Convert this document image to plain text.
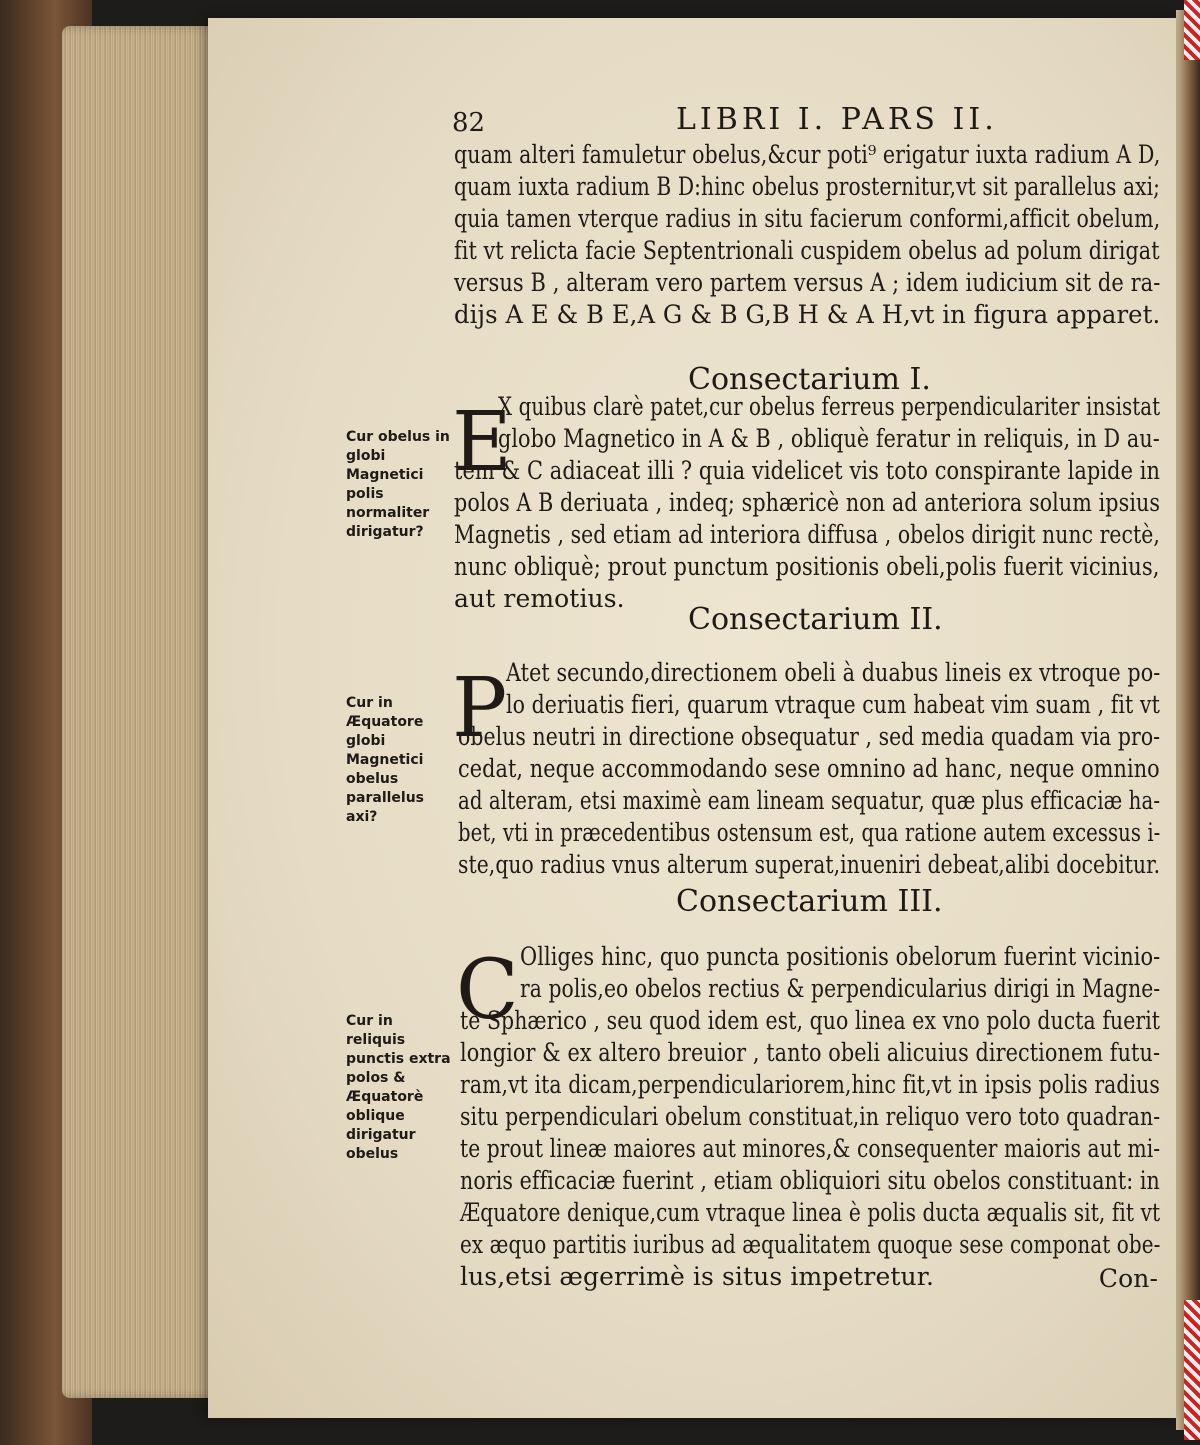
82	LIBRI I. PARS II.
quam alteri famuletur obelus,&cur poti⁹ erigatur iuxta radium A D,
quam iuxta radium B D:hinc obelus prosternitur,vt sit parallelus axi;
quia tamen vterque radius in situ facierum conformi,afficit obelum,
fit vt relicta facie Septentrionali cuspidem obelus ad polum dirigat
versus B , alteram vero partem versus A ; idem iudicium sit de ra-
dijs A E & B E,A G & B G,B H & A H,vt in figura apparet.
Consectarium I.
Cur obelus in globi Magnetici polis normaliter dirigatur?
E
X quibus clarè patet,cur obelus ferreus perpendiculariter insistat
globo Magnetico in A & B , obliquè feratur in reliquis, in D au-
tem & C adiaceat illi ? quia videlicet vis toto conspirante lapide in
polos A B deriuata , indeq; sphæricè non ad anteriora solum ipsius
Magnetis , sed etiam ad interiora diffusa , obelos dirigit nunc rectè,
nunc obliquè; prout punctum positionis obeli,polis fuerit vicinius,
aut remotius.
Consectarium II.
Cur in Æquatore globi Magnetici obelus parallelus axi?
P
Atet secundo,directionem obeli à duabus lineis ex vtroque po-
lo deriuatis fieri, quarum vtraque cum habeat vim suam , fit vt
obelus neutri in directione obsequatur , sed media quadam via pro-
cedat, neque accommodando sese omnino ad hanc, neque omnino
ad alteram, etsi maximè eam lineam sequatur, quæ plus efficaciæ ha-
bet, vti in præcedentibus ostensum est, qua ratione autem excessus i-
ste,quo radius vnus alterum superat,inueniri debeat,alibi docebitur.
Consectarium III.
Cur in reliquis punctis extra polos & Æquatorè oblique dirigatur obelus
C Olliges hinc, quo puncta positionis obelorum fuerint vicinio-
ra polis,eo obelos rectius & perpendicularius dirigi in Magne-
te Sphærico , seu quod idem est, quo linea ex vno polo ducta fuerit
longior & ex altero breuior , tanto obeli alicuius directionem futu-
ram,vt ita dicam,perpendiculariorem,hinc fit,vt in ipsis polis radius
situ perpendiculari obelum constituat,in reliquo vero toto quadran-
te prout lineæ maiores aut minores,& consequenter maioris aut mi-
noris efficaciæ fuerint , etiam obliquiori situ obelos constituant: in
Æquatore denique,cum vtraque linea è polis ducta æqualis sit, fit vt
ex æquo partitis iuribus ad æqualitatem quoque sese componat obe-
lus,etsi ægerrimè is situs impetretur.	Con-
